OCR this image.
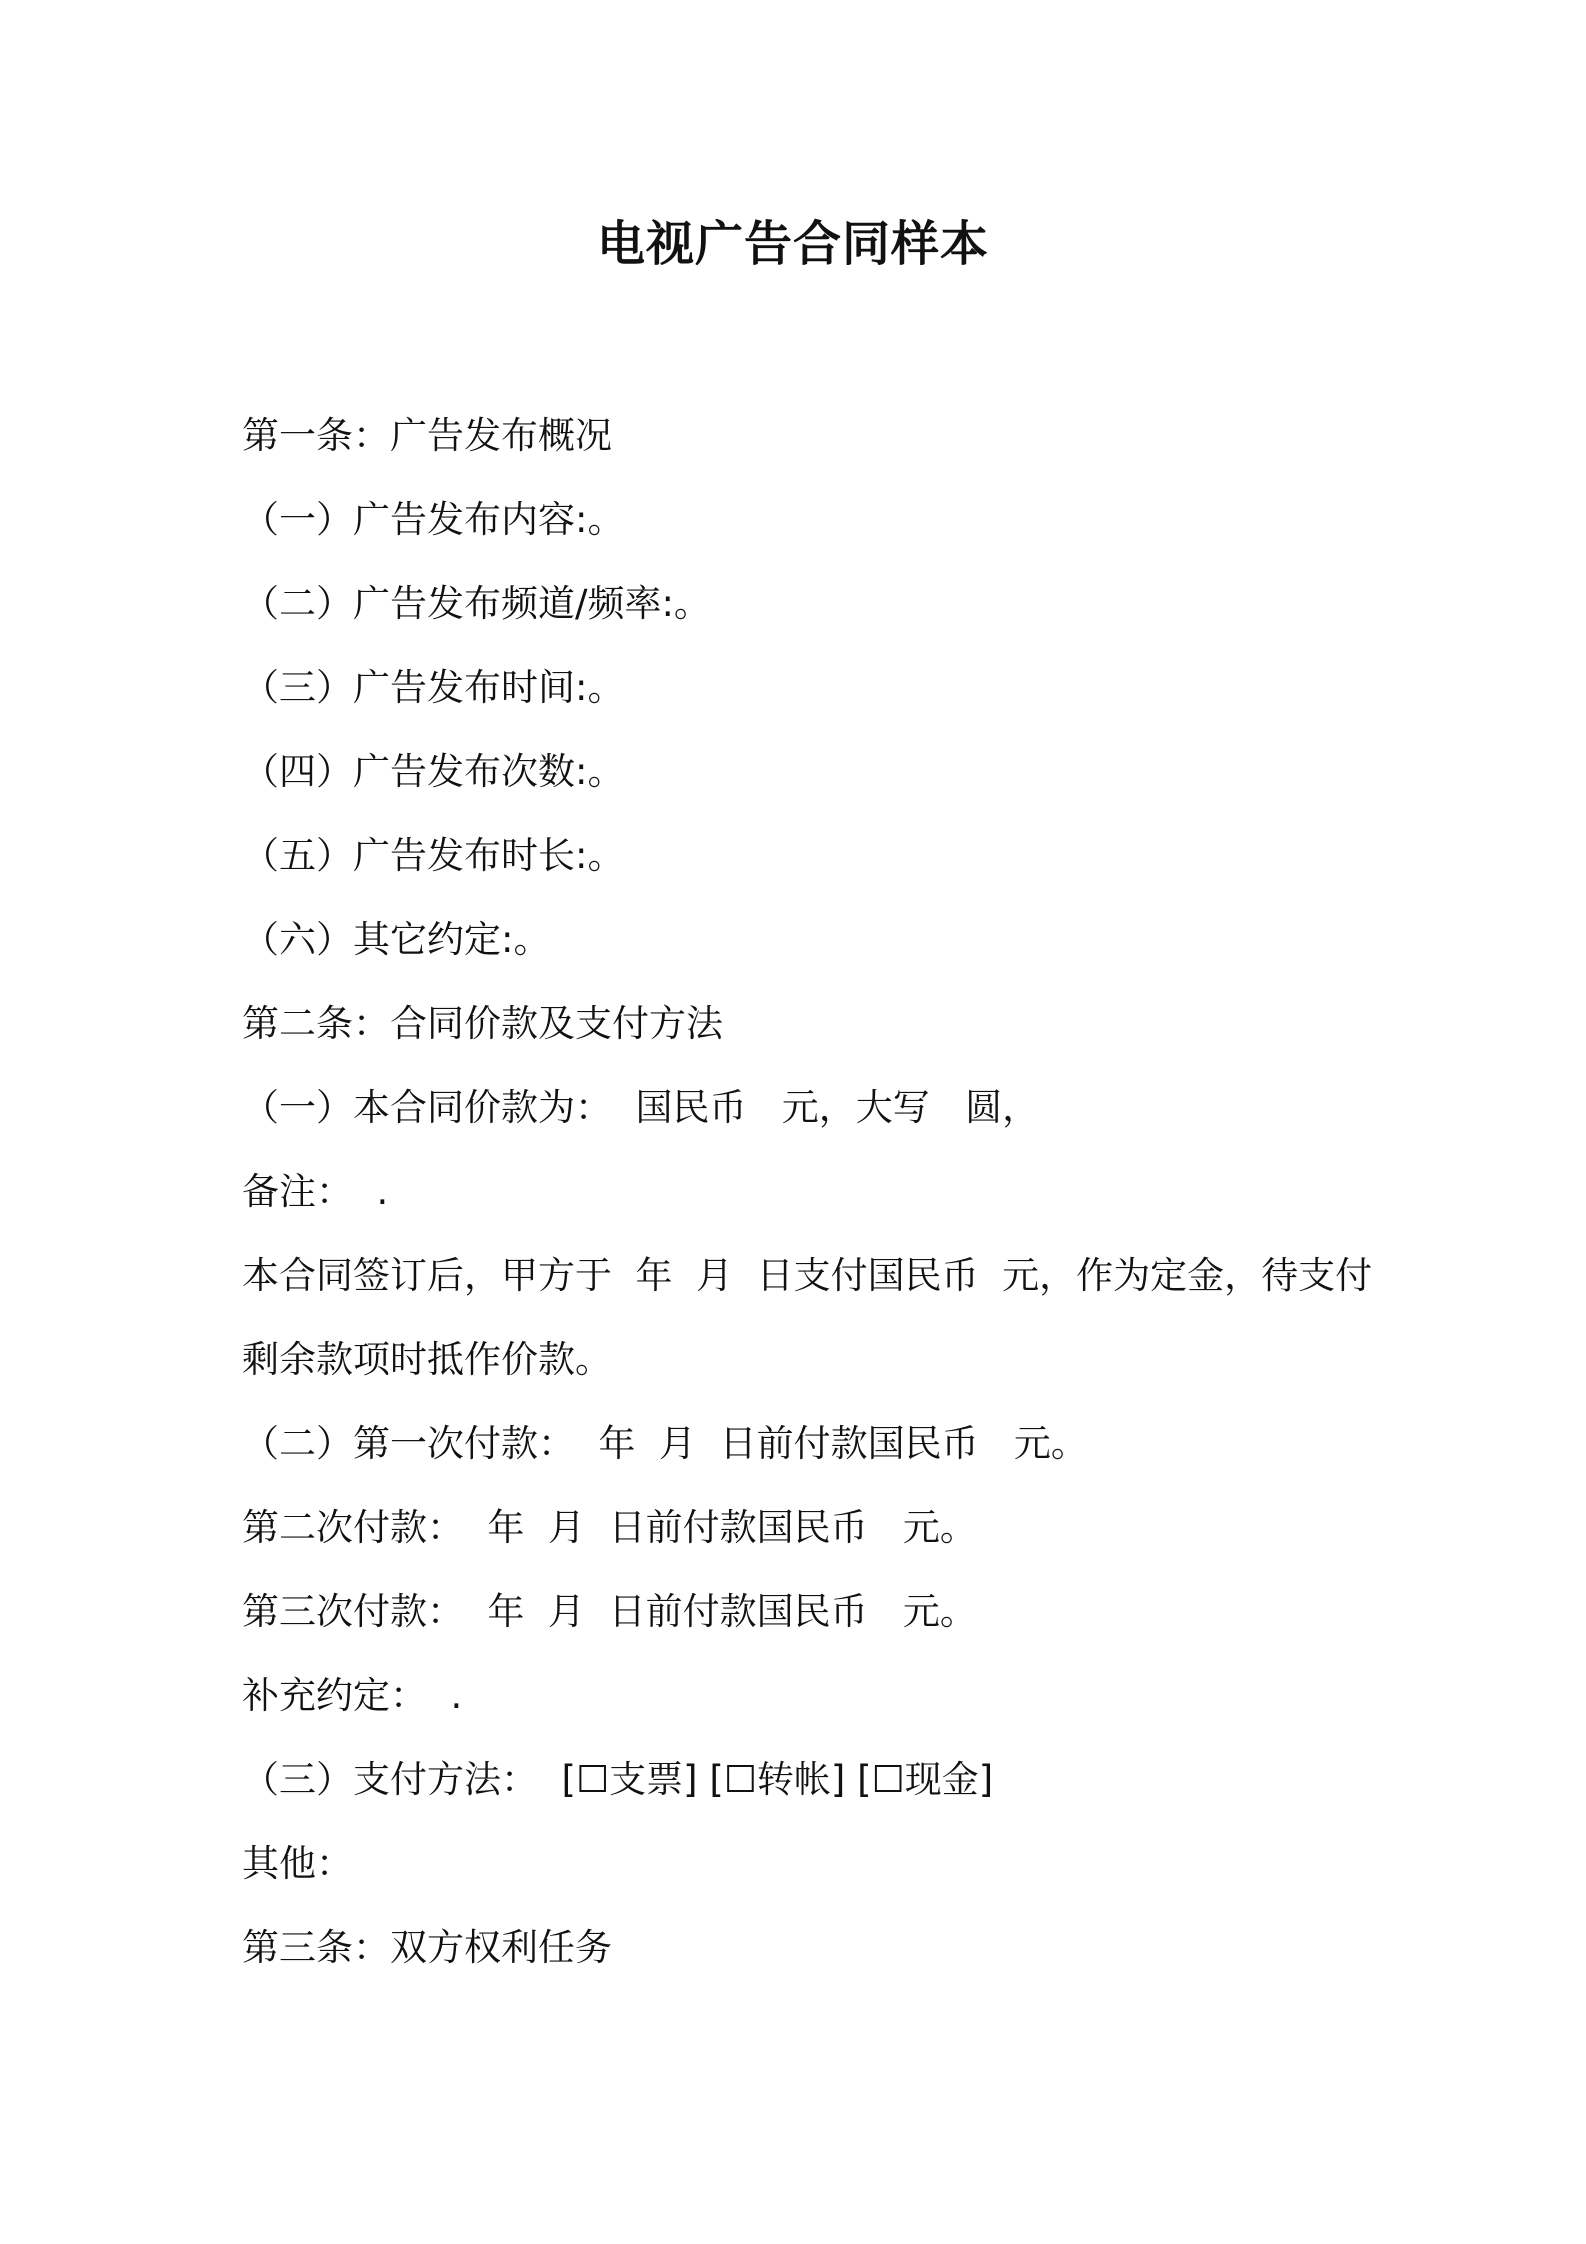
电视广告合同样本
第一条：广告发布概况
（一）广告发布内容:。
（二）广告发布频道/频率:。
（三）广告发布时间:。
（四）广告发布次数:。
（五）广告发布时长:。
（六）其它约定:。
第二条：合同价款及支付方法
（一）本合同价款为：  国民币   元，大写   圆，
备注：  .
本合同签订后，甲方于  年  月  日支付国民币  元，作为定金，待支付
剩余款项时抵作价款。
（二）第一次付款：  年  月  日前付款国民币   元。
第二次付款：  年  月  日前付款国民币   元。
第三次付款：  年  月  日前付款国民币   元。
补充约定：  .
（三）支付方法：  [☐支票] [☐转帐] [☐现金]
其他：
第三条：双方权利任务
